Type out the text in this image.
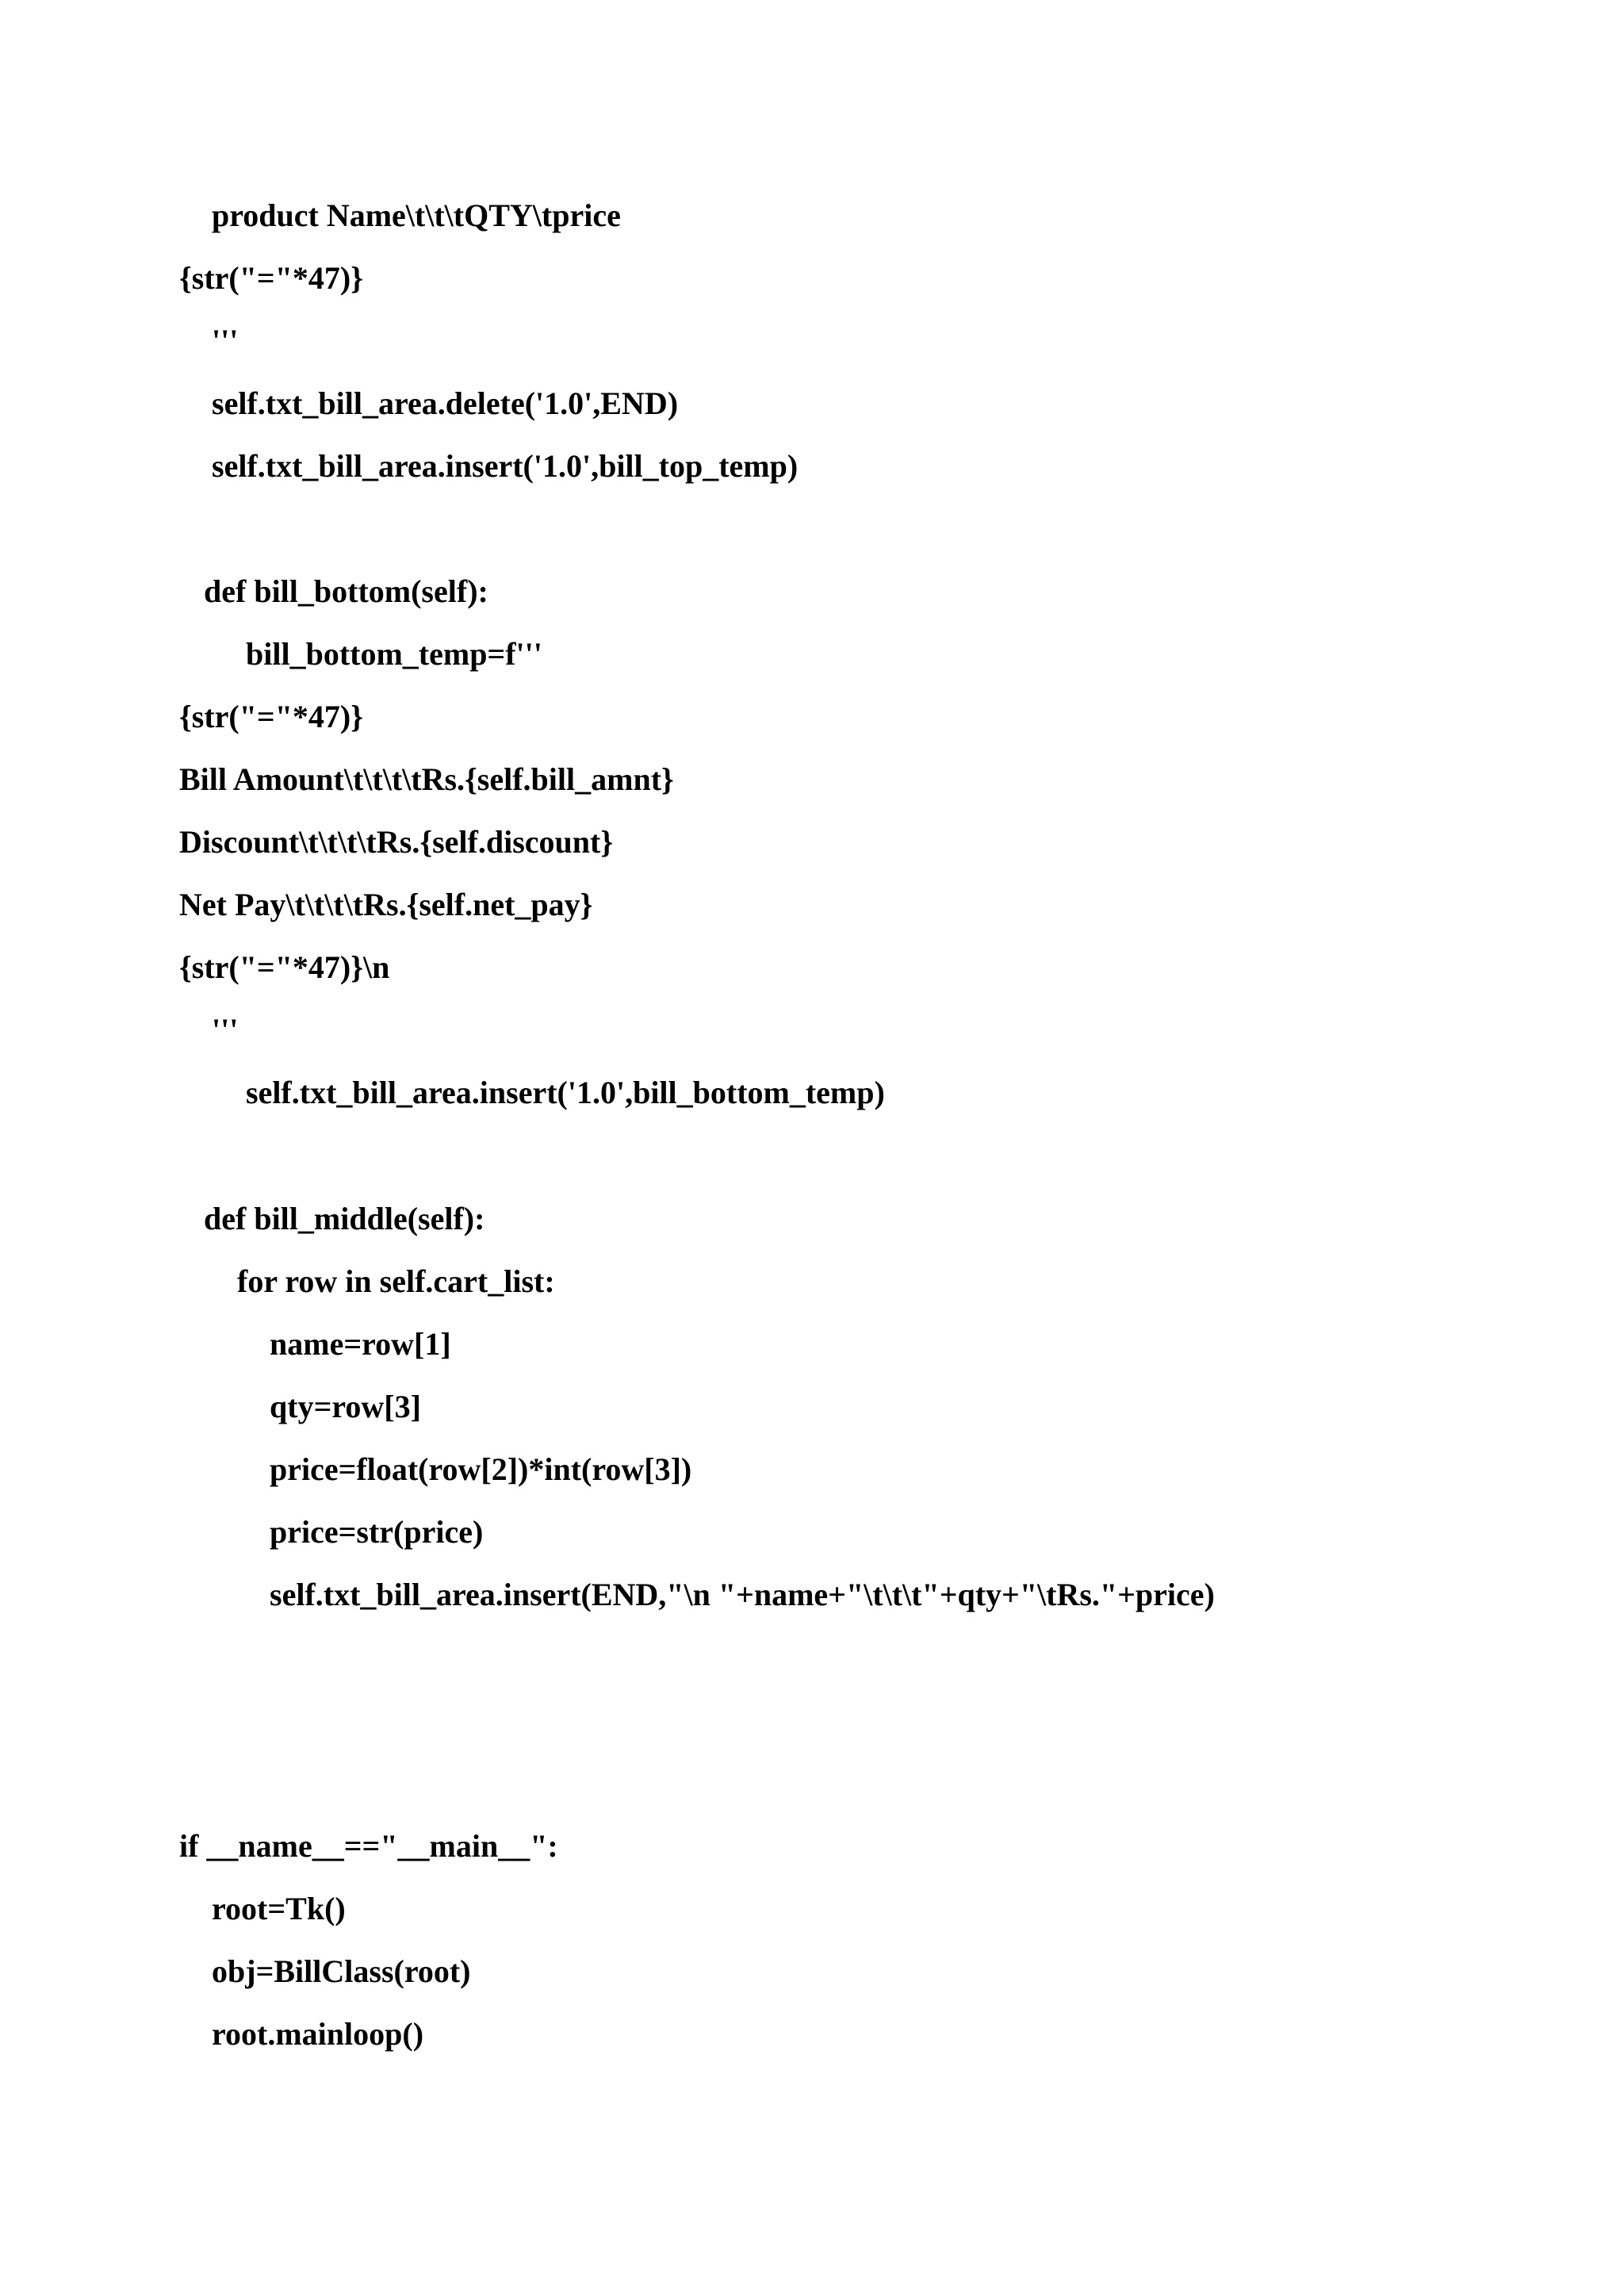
product Name\t\t\tQTY\tprice
{str("="*47)}
'''
self.txt_bill_area.delete('1.0',END)
self.txt_bill_area.insert('1.0',bill_top_temp)
def bill_bottom(self):
bill_bottom_temp=f'''
{str("="*47)}
Bill Amount\t\t\t\tRs.{self.bill_amnt}
Discount\t\t\t\tRs.{self.discount}
Net Pay\t\t\t\tRs.{self.net_pay}
{str("="*47)}\n
'''
self.txt_bill_area.insert('1.0',bill_bottom_temp)
def bill_middle(self):
for row in self.cart_list:
name=row[1]
qty=row[3]
price=float(row[2])*int(row[3])
price=str(price)
self.txt_bill_area.insert(END,"\n "+name+"\t\t\t"+qty+"\tRs."+price)
if __name__=="__main__":
root=Tk()
obj=BillClass(root)
root.mainloop()
